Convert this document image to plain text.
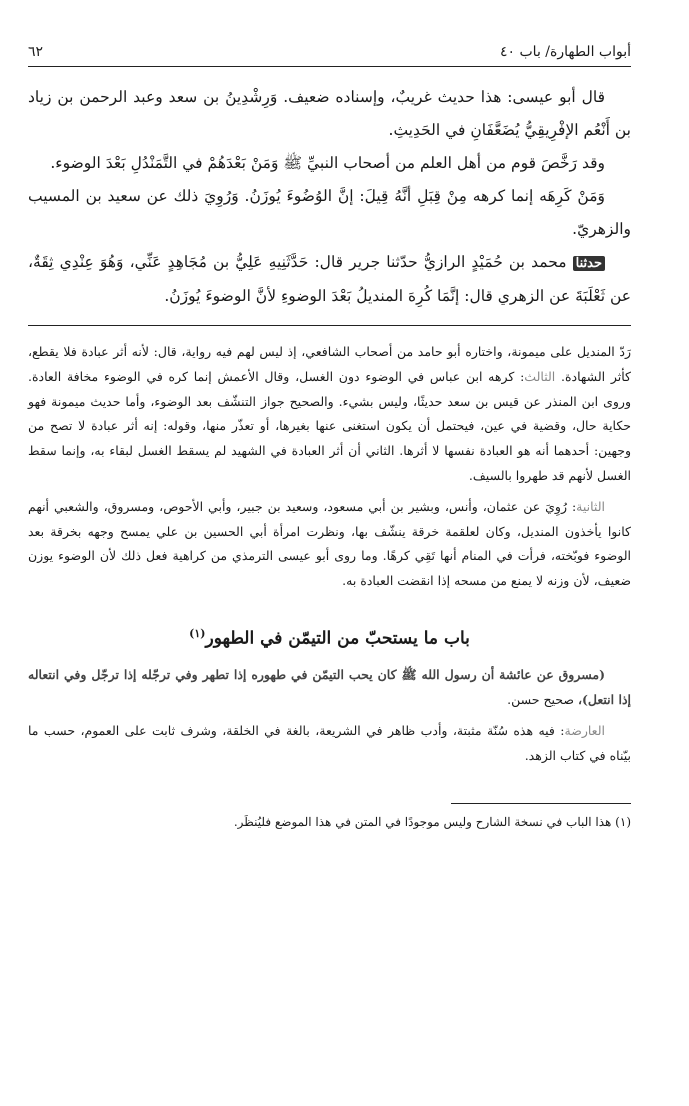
أبواب الطهارة/ باب ٤٠
٦٢

قال أبو عيسى: هذا حديث غريبٌ، وإسناده ضعيف. وَرِشْدِينُ بن سعد وعبد الرحمن بن زياد بن أَنْعُم الإفْرِيقِيُّ يُضَعَّفَانِ في الحَدِيثِ.

وقد رَخَّصَ قوم من أهل العلم من أصحاب النبيِّ ﷺ وَمَنْ بَعْدَهُمْ في التَّمَنْدُلِ بَعْدَ الوضوء.

وَمَنْ كَرِهَه إنما كرهه مِنْ قِبَلِ أنَّهُ قِيلَ: إنَّ الوُضُوءَ يُوزَنُ. وَرُوِيَ ذلك عن سعيد بن المسيب والزهريّ.

حدثنا محمد بن حُمَيْدٍ الرازيُّ حدّثنا جرير قال: حَدَّثَنِيهِ عَلِيُّ بن مُجَاهِدٍ عَنِّي، وَهُوَ عِنْدِي ثِقَةٌ، عن ثَعْلَبَةَ عن الزهري قال: إنَّمَا كُرِهَ المنديلُ بَعْدَ الوضوءِ لأنَّ الوضوءَ يُوزَنُ.

رَدّ المنديل على ميمونة، واختاره أبو حامد من أصحاب الشافعي، إذ ليس لهم فيه رواية، قال: لأنه أثر عبادة فلا يقطع، كأثر الشهادة. الثالث: كرهه ابن عباس في الوضوء دون الغسل، وقال الأعمش إنما كره في الوضوء مخافة العادة. وروى ابن المنذر عن قيس بن سعد حديثًا، وليس بشيء. والصحيح جواز التنشّف بعد الوضوء، وأما حديث ميمونة فهو حكاية حال، وقضية في عين، فيحتمل أن يكون استغنى عنها بغيرها، أو تعذّر منها، وقوله: إنه أثر عبادة لا تصح من وجهين: أحدهما أنه هو العبادة نفسها لا أثرها. الثاني أن أثر العبادة في الشهيد لم يسقط الغسل لبقاء به، وإنما سقط الغسل لأنهم قد طهروا بالسيف.

الثانية: رُوِيَ عن عثمان، وأنس، وبشير بن أبي مسعود، وسعيد بن جبير، وأبي الأحوص، ومسروق، والشعبي أنهم كانوا يأخذون المنديل، وكان لعلقمة خرقة ينشّف بها، ونظرت امرأة أبي الحسين بن علي يمسح وجهه بخرقة بعد الوضوء فوبّخته، فرأت في المنام أنها تَقِي كرهًا. وما روى أبو عيسى الترمذي من كراهية فعل ذلك لأن الوضوء يوزن ضعيف، لأن وزنه لا يمنع من مسحه إذا انقضت العبادة به.

باب ما يستحبّ من التيمّن في الطهور$^{(١)}$

(مسروق عن عائشة أن رسول الله ﷺ كان يحب التيمّن في طهوره إذا تطهر وفي ترجّله إذا ترجّل وفي انتعاله إذا انتعل)، صحيح حسن.

العارضة: فيه هذه سُنّة مثبتة، وأدب ظاهر في الشريعة، بالغة في الخلقة، وشرف ثابت على العموم، حسب ما بيّناه في كتاب الزهد.

(١) هذا الباب في نسخة الشارح وليس موجودًا في المتن في هذا الموضع فليُنظَر.
